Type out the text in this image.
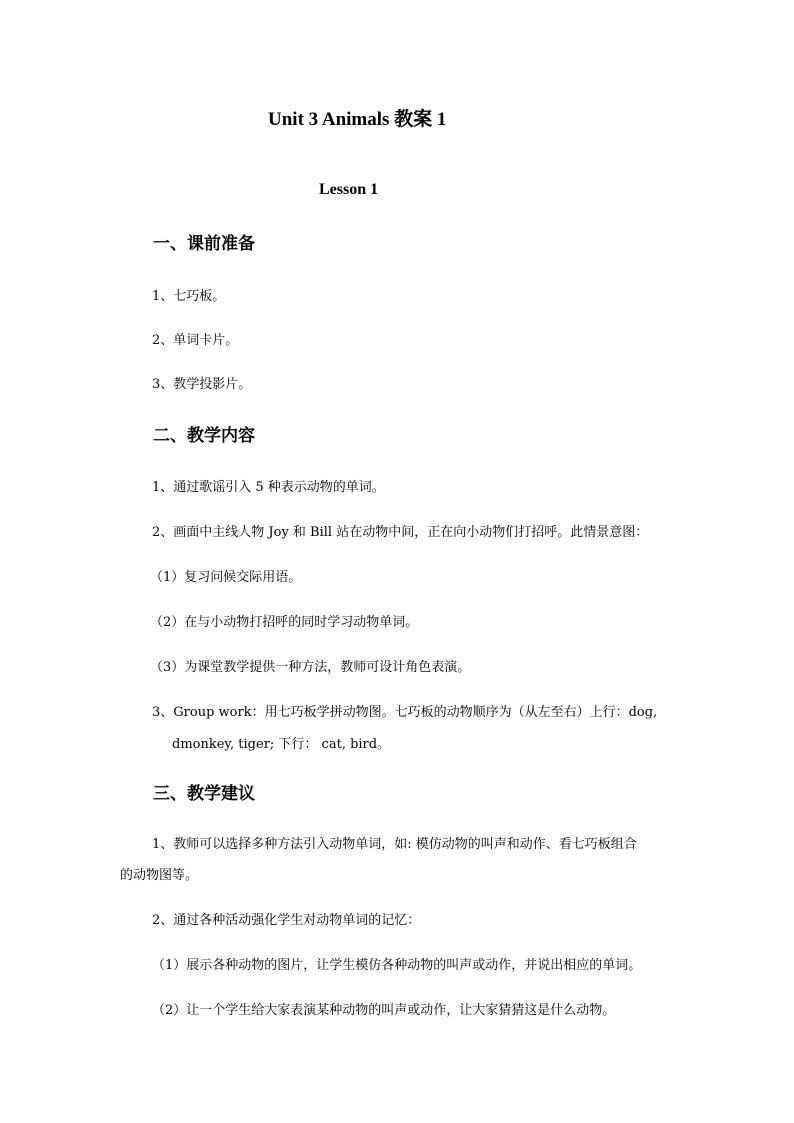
Unit 3 Animals 教案 1
Lesson 1
一、课前准备
1、七巧板。
2、单词卡片。
3、教学投影片。
二、教学内容
1、通过歌谣引入 5 种表示动物的单词。
2、画面中主线人物 Joy 和 Bill 站在动物中间，正在向小动物们打招呼。此情景意图：
（1）复习问候交际用语。
（2）在与小动物打招呼的同时学习动物单词。
（3）为课堂教学提供一种方法，教师可设计角色表演。
3、Group work：用七巧板学拼动物图。七巧板的动物顺序为（从左至右）上行：dog,
dmonkey, tiger; 下行： cat, bird。
三、教学建议
1、教师可以选择多种方法引入动物单词，如: 模仿动物的叫声和动作、看七巧板组合
的动物图等。
2、通过各种活动强化学生对动物单词的记忆：
（1）展示各种动物的图片，让学生模仿各种动物的叫声或动作，并说出相应的单词。
（2）让一个学生给大家表演某种动物的叫声或动作，让大家猜猜这是什么动物。
